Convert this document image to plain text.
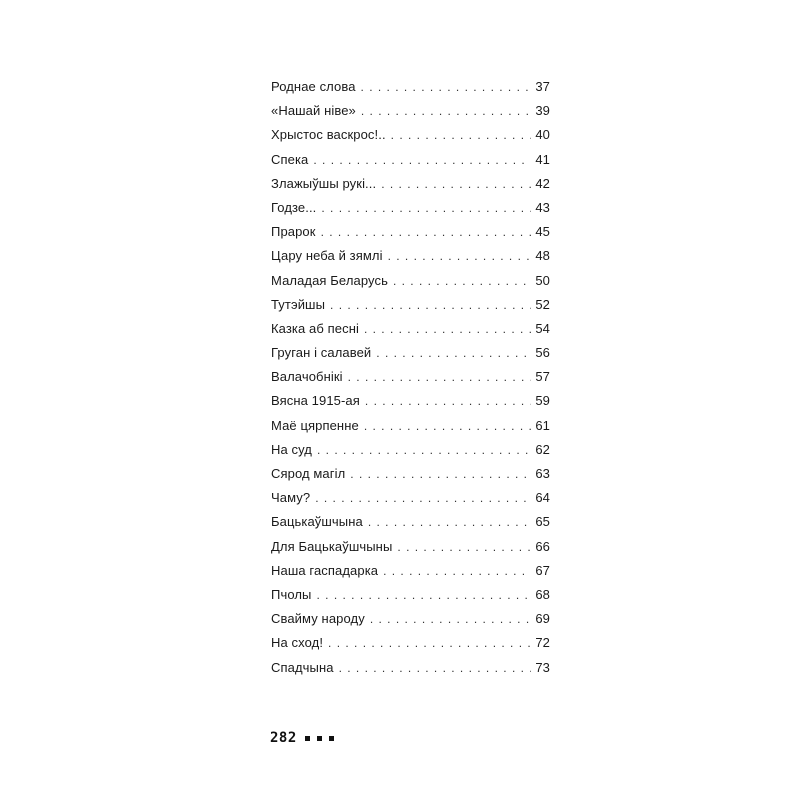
Роднае слова . . .	37
«Нашай ніве» . . .	39
Хрыстос васкрос!.. . . .	40
Спека . . .	41
Злажыўшы рукі... . . .	42
Годзе... . . .	43
Прарок . . .	45
Цару неба й зямлі . . .	48
Маладая Беларусь . . .	50
Тутэйшы . . .	52
Казка аб песні . . .	54
Груган і салавей . . .	56
Валачобнікі . . .	57
Вясна 1915-ая . . .	59
Маё цярпенне . . .	61
На суд . . .	62
Сярод магіл . . .	63
Чаму? . . .	64
Бацькаўшчына . . .	65
Для Бацькаўшчыны . . .	66
Наша гаспадарка . . .	67
Пчолы . . .	68
Свайму народу . . .	69
На сход! . . .	72
Спадчына . . .	73
282
